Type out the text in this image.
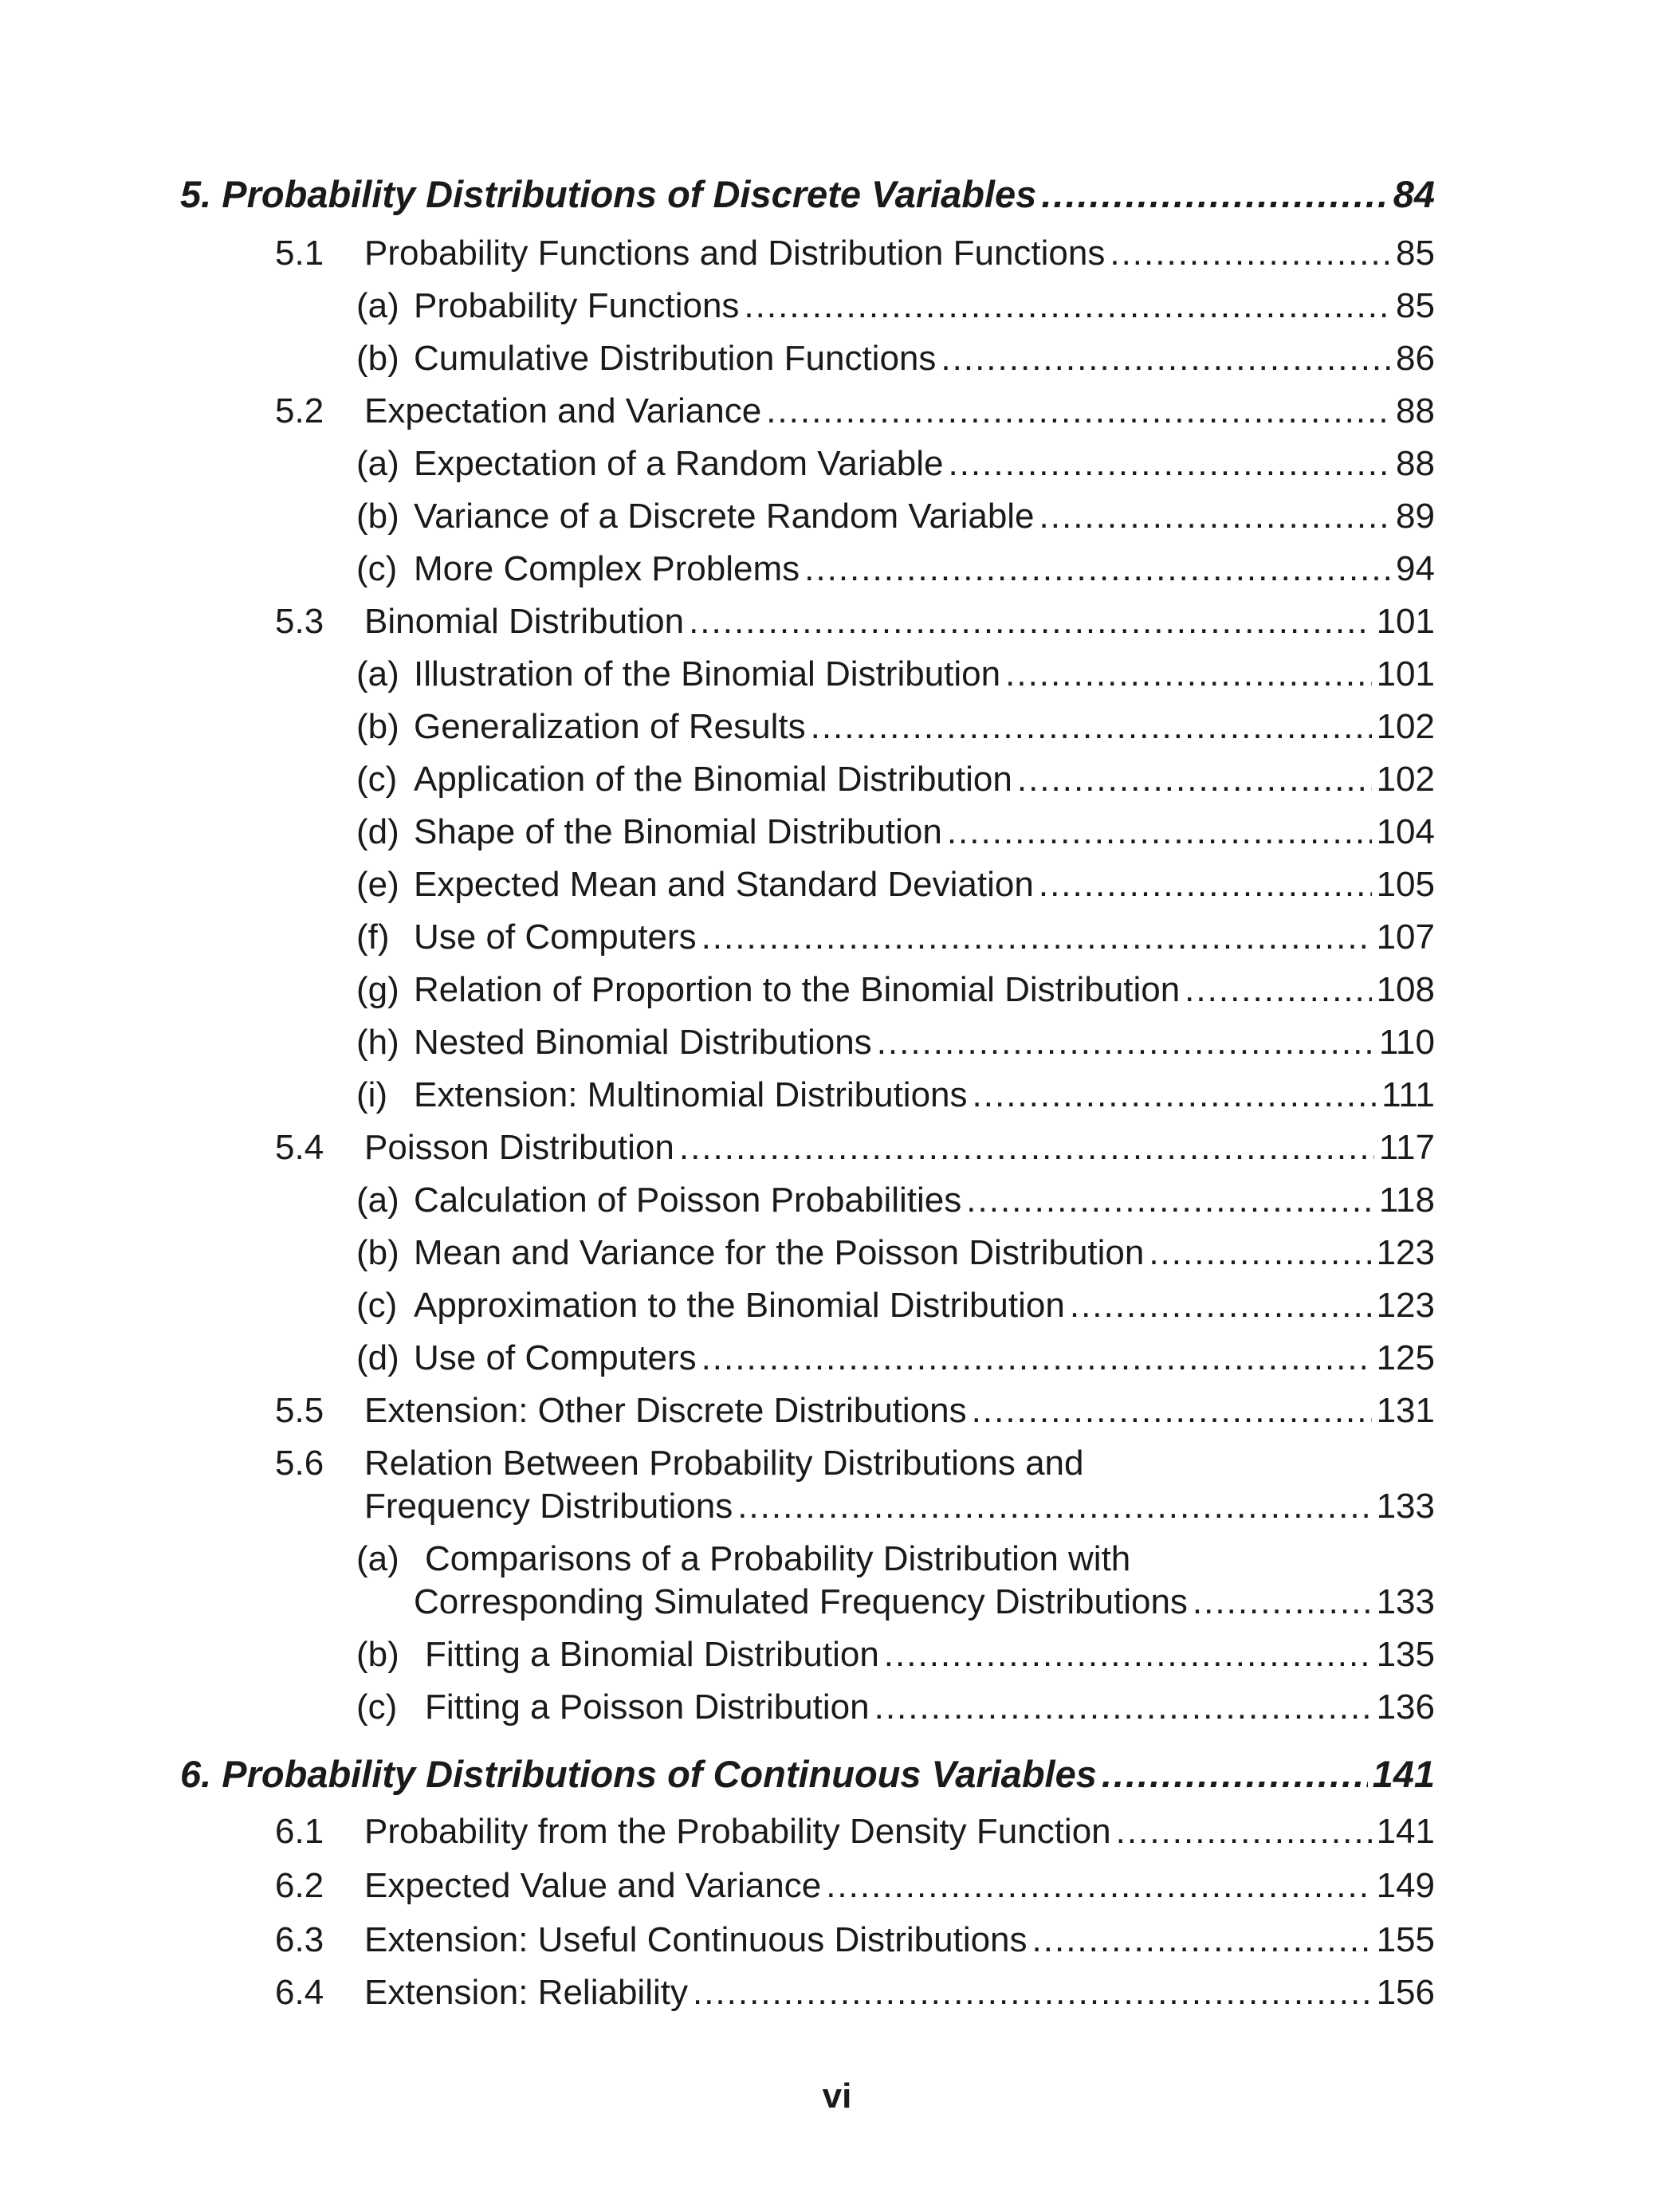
5. Probability Distributions of Discrete Variables .....	84
5.1	Probability Functions and Distribution Functions .....	85
(a) Probability Functions .....	85
(b) Cumulative Distribution Functions .....	86
5.2	Expectation and Variance .....	88
(a) Expectation of a Random Variable .....	88
(b) Variance of a Discrete Random Variable .....	89
(c) More Complex Problems .....	94
5.3	Binomial Distribution .....	101
(a) Illustration of the Binomial Distribution .....	101
(b) Generalization of Results .....	102
(c) Application of the Binomial Distribution .....	102
(d) Shape of the Binomial Distribution .....	104
(e) Expected Mean and Standard Deviation .....	105
(f) Use of Computers .....	107
(g) Relation of Proportion to the Binomial Distribution .....	108
(h) Nested Binomial Distributions .....	110
(i) Extension: Multinomial Distributions .....	111
5.4	Poisson Distribution .....	117
(a) Calculation of Poisson Probabilities .....	118
(b) Mean and Variance for the Poisson Distribution .....	123
(c) Approximation to the Binomial Distribution .....	123
(d) Use of Computers .....	125
5.5	Extension: Other Discrete Distributions .....	131
5.6 Relation Between Probability Distributions and
Frequency Distributions .....	133
(a) Comparisons of a Probability Distribution with
Corresponding Simulated Frequency Distributions .....	133
(b) Fitting a Binomial Distribution .....	135
(c) Fitting a Poisson Distribution .....	136
6. Probability Distributions of Continuous Variables .....	141
6.1	Probability from the Probability Density Function .....	141
6.2	Expected Value and Variance .....	149
6.3	Extension: Useful Continuous Distributions .....	155
6.4	Extension: Reliability .....	156
vi
